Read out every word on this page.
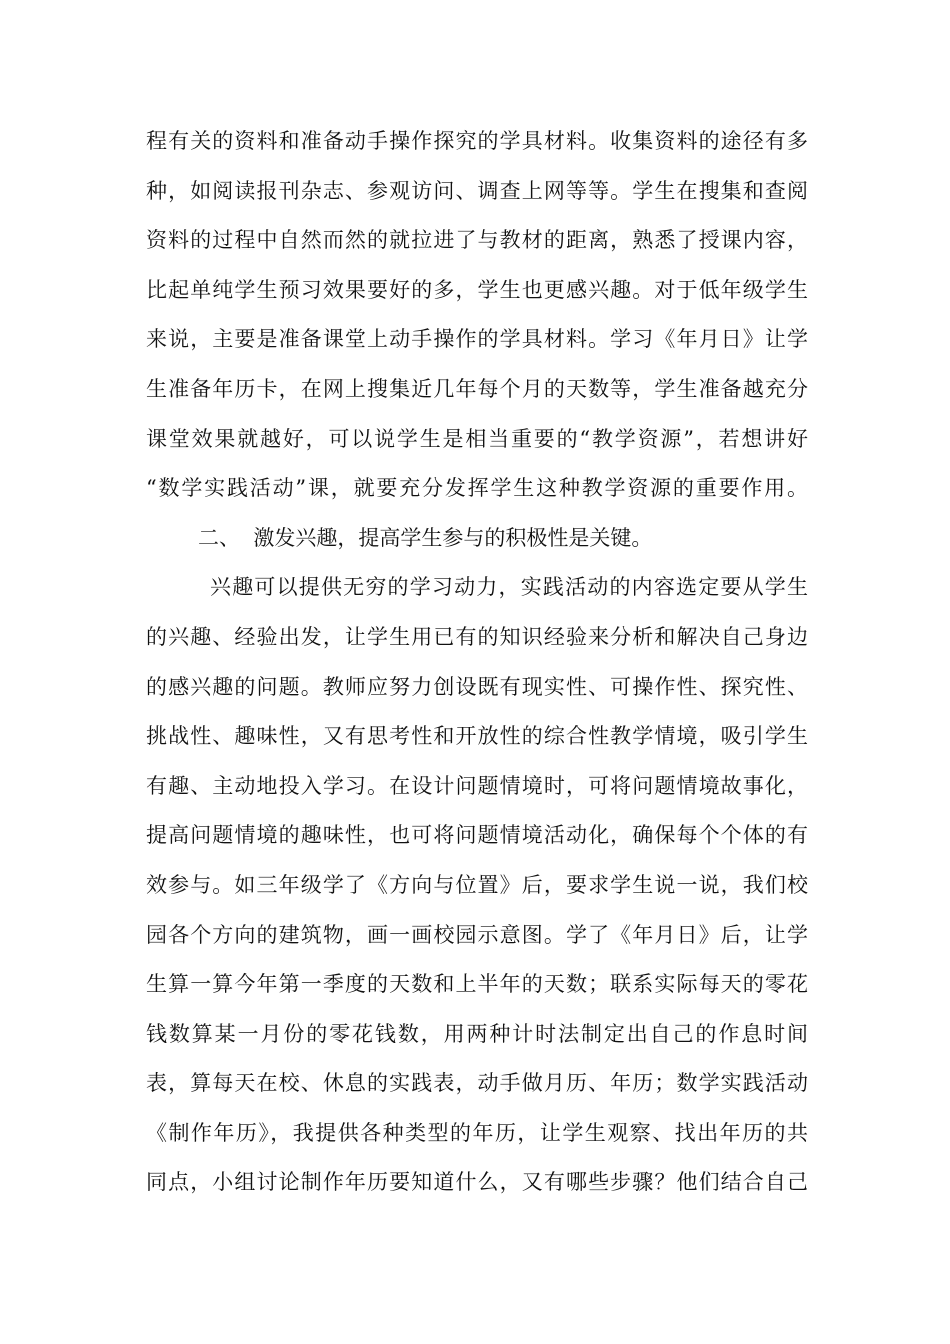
程有关的资料和准备动手操作探究的学具材料。收集资料的途径有多
种，如阅读报刊杂志、参观访问、调查上网等等。学生在搜集和查阅
资料的过程中自然而然的就拉进了与教材的距离，熟悉了授课内容，
比起单纯学生预习效果要好的多，学生也更感兴趣。对于低年级学生
来说，主要是准备课堂上动手操作的学具材料。学习《年月日》让学
生准备年历卡，在网上搜集近几年每个月的天数等，学生准备越充分
课堂效果就越好，可以说学生是相当重要的“教学资源”，若想讲好
“数学实践活动”课，就要充分发挥学生这种教学资源的重要作用。
二、  激发兴趣，提高学生参与的积极性是关键。
兴趣可以提供无穷的学习动力，实践活动的内容选定要从学生
的兴趣、经验出发，让学生用已有的知识经验来分析和解决自己身边
的感兴趣的问题。教师应努力创设既有现实性、可操作性、探究性、
挑战性、趣味性，又有思考性和开放性的综合性教学情境，吸引学生
有趣、主动地投入学习。在设计问题情境时，可将问题情境故事化，
提高问题情境的趣味性，也可将问题情境活动化，确保每个个体的有
效参与。如三年级学了《方向与位置》后，要求学生说一说，我们校
园各个方向的建筑物，画一画校园示意图。学了《年月日》后，让学
生算一算今年第一季度的天数和上半年的天数；联系实际每天的零花
钱数算某一月份的零花钱数，用两种计时法制定出自己的作息时间
表，算每天在校、休息的实践表，动手做月历、年历；数学实践活动
《制作年历》，我提供各种类型的年历，让学生观察、找出年历的共
同点，小组讨论制作年历要知道什么，又有哪些步骤？他们结合自己
